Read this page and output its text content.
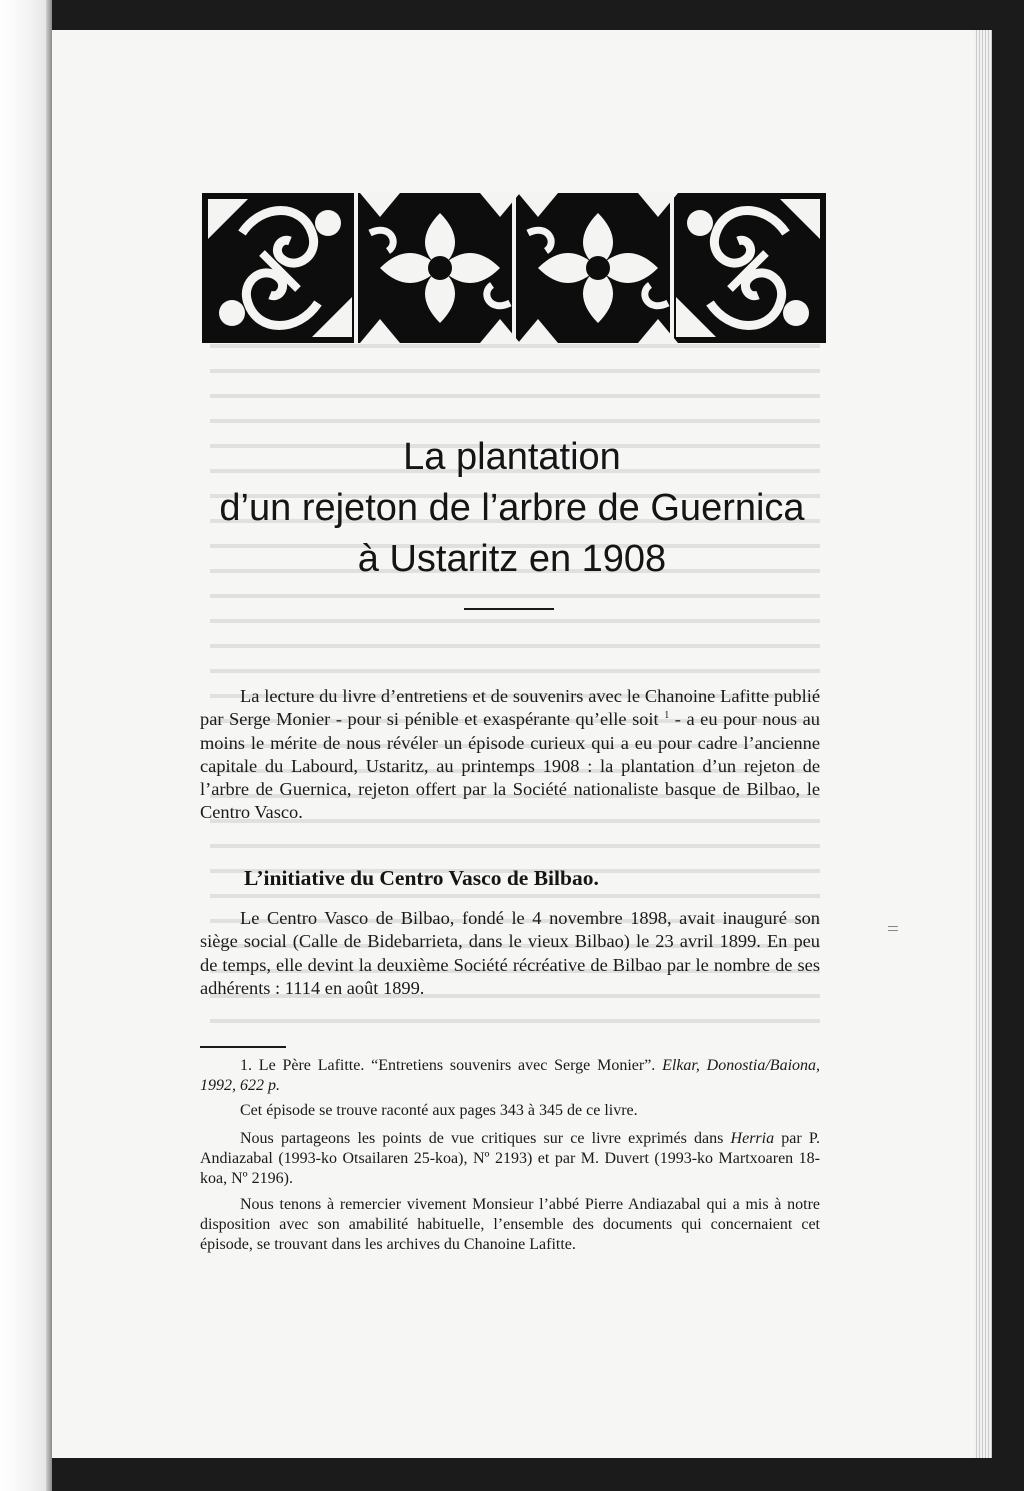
La plantation
d’un rejeton de l’arbre de Guernica
à Ustaritz en 1908

La lecture du livre d’entretiens et de souvenirs avec le Chanoine Lafitte publié par Serge Monier - pour si pénible et exaspérante qu’elle soit $^1$ - a eu pour nous au moins le mérite de nous révéler un épisode curieux qui a eu pour cadre l’ancienne capitale du Labourd, Ustaritz, au printemps 1908 : la plantation d’un rejeton de l’arbre de Guernica, rejeton offert par la Société nationaliste basque de Bilbao, le Centro Vasco.

L’initiative du Centro Vasco de Bilbao.

Le Centro Vasco de Bilbao, fondé le 4 novembre 1898, avait inauguré son siège social (Calle de Bidebarrieta, dans le vieux Bilbao) le 23 avril 1899. En peu de temps, elle devint la deuxième Société récréative de Bilbao par le nombre de ses adhérents : 1114 en août 1899.

1. Le Père Lafitte. “Entretiens souvenirs avec Serge Monier”. Elkar, Donostia/Baiona, 1992, 622 p.

Cet épisode se trouve raconté aux pages 343 à 345 de ce livre.

Nous partageons les points de vue critiques sur ce livre exprimés dans Herria par P. Andiazabal (1993-ko Otsailaren 25-koa), Nº 2193) et par M. Duvert (1993-ko Martxoaren 18-koa, Nº 2196).

Nous tenons à remercier vivement Monsieur l’abbé Pierre Andiazabal qui a mis à notre disposition avec son amabilité habituelle, l’ensemble des documents qui concernaient cet épisode, se trouvant dans les archives du Chanoine Lafitte.
